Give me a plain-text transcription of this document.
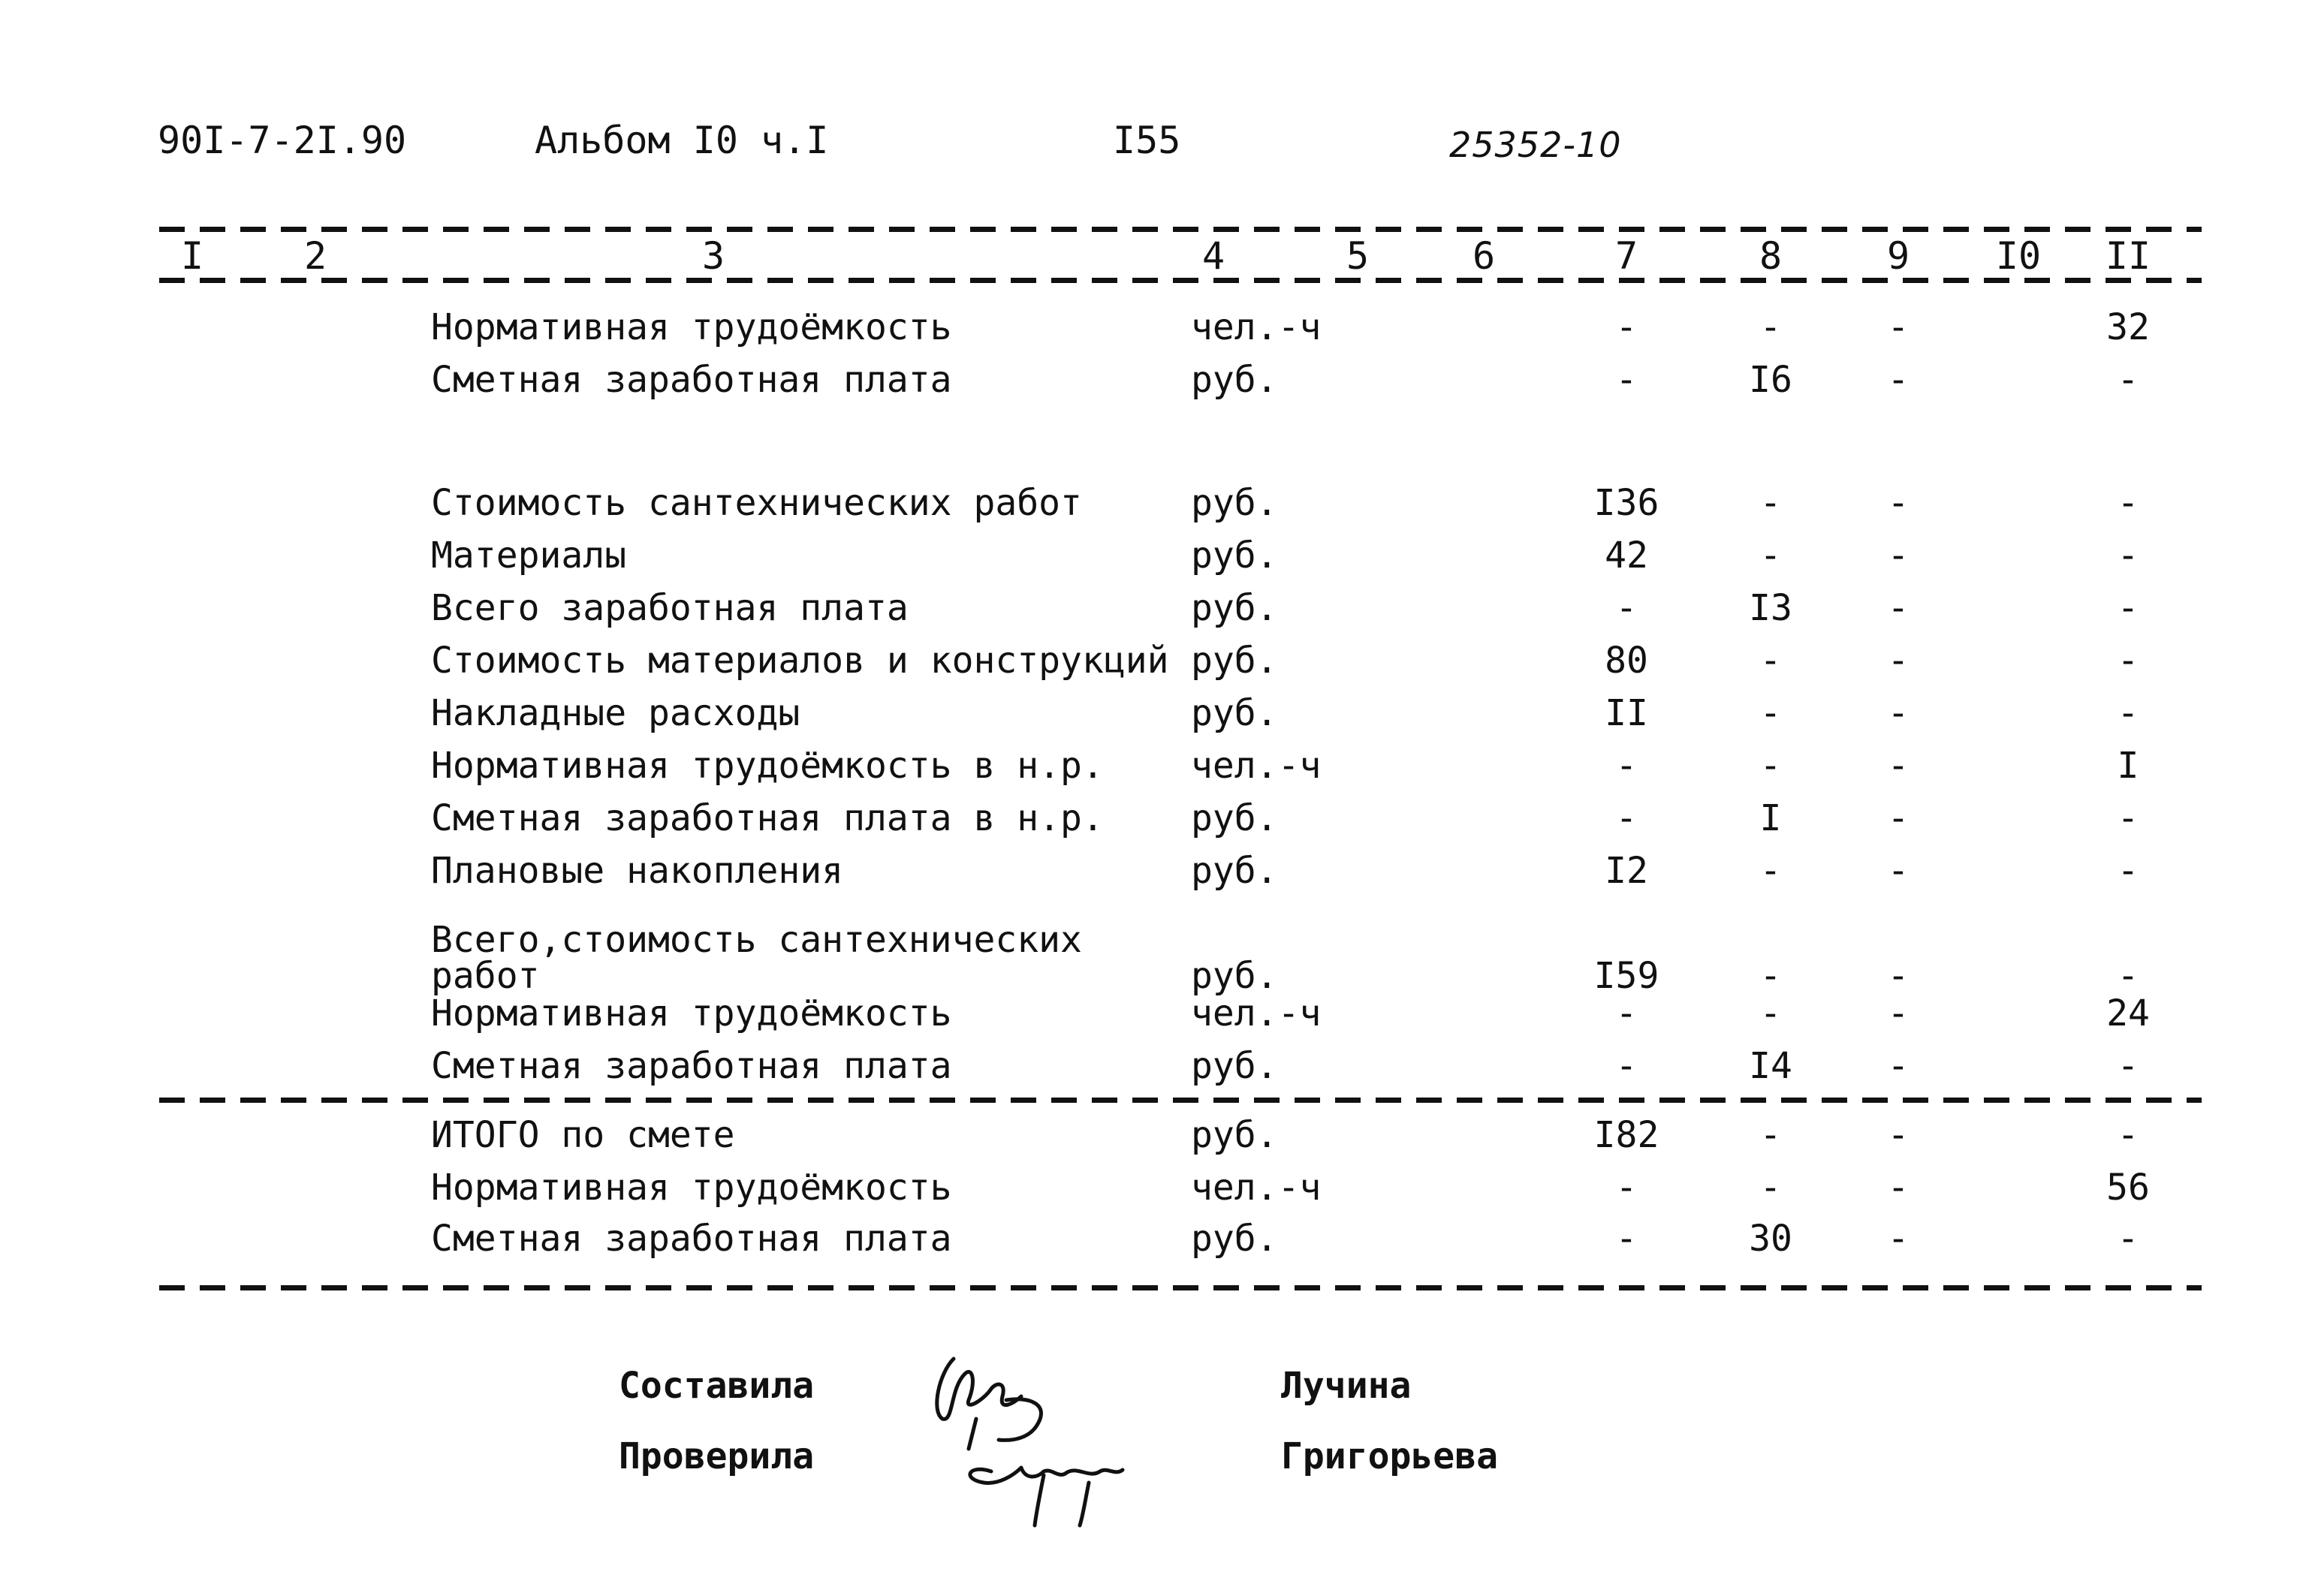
90I-7-2I.90	Альбом I0 ч.I	I55	25352-10
I	2	3	4	5	6	7	8	9 I0 II
Нормативная трудоёмкость	чел.-ч	-	-	-	32
Сметная заработная плата	руб.	-	I6	-	-
Стоимость сантехнических работ	руб.	I36	-	-	-
Материалы	руб.	42	-	-	-
Всего заработная плата	руб.	-	I3	-	-
Стоимость материалов и конструкций руб.	80	-	-	-
Накладные расходы	руб.	II	-	-	-
Нормативная трудоёмкость в н.р. чел.-ч	-	-	-	I
Сметная заработная плата в н.р. руб.	-	I	-	-
Плановые накопления	руб.	I2	-	-	-
Всего,стоимость сантехнических
работ	руб.	I59	-	-	-
Нормативная трудоёмкость	чел.-ч	-	-	-	24
Сметная заработная плата	руб.	-	I4	-	-
ИТОГО по смете	руб.	I82	-	-	-
Нормативная трудоёмкость	чел.-ч	-	-	-	56
Сметная заработная плата	руб.	-	30	-	-
Составила	Лучина
Проверила	Григорьева
